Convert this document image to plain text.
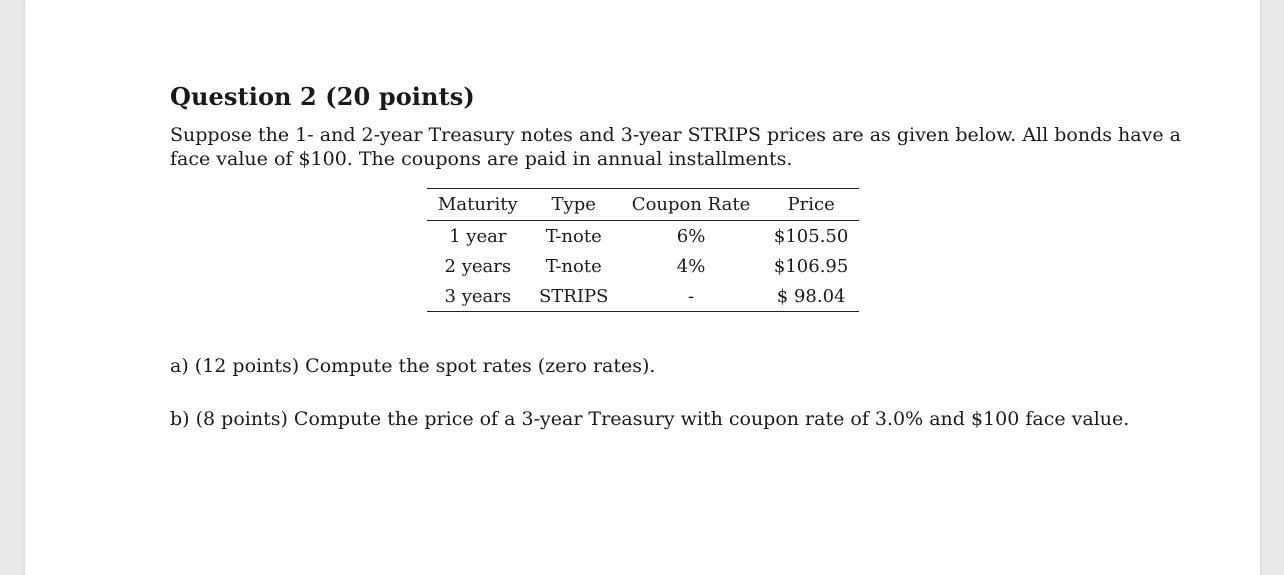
Question 2 (20 points)

Suppose the 1- and 2-year Treasury notes and 3-year STRIPS prices are as given below. All bonds have a
face value of $100. The coupons are paid in annual installments.

Maturity	Type	Coupon Rate	Price
1 year	T-note	6%	$105.50
2 years	T-note	4%	$106.95
3 years	STRIPS	-	$ 98.04
a) (12 points) Compute the spot rates (zero rates).
b) (8 points) Compute the price of a 3-year Treasury with coupon rate of 3.0% and $100 face value.
